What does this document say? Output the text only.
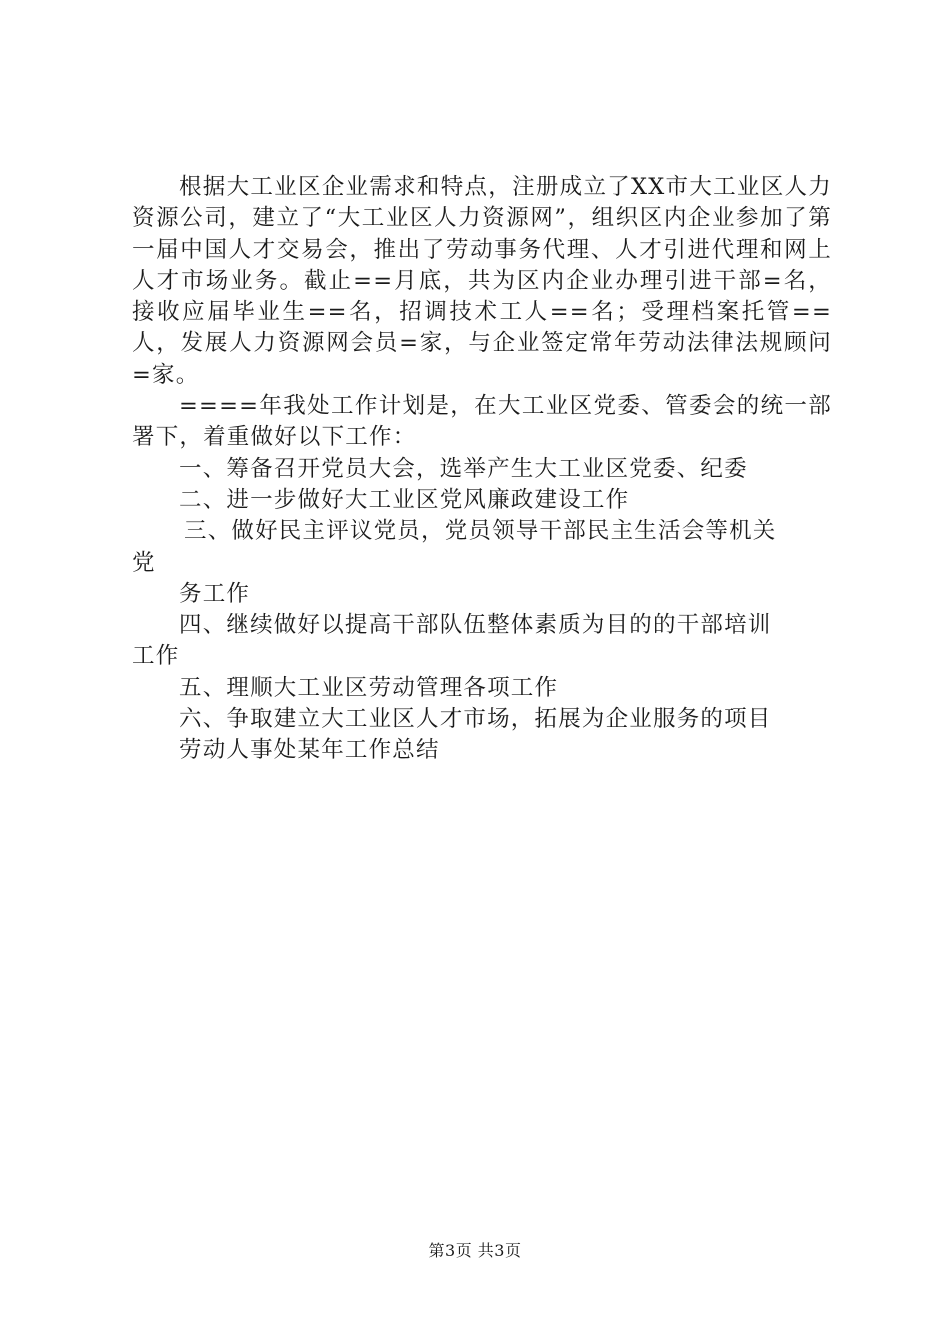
根据大工业区企业需求和特点，注册成立了XX市大工业区人力资源公司，建立了“大工业区人力资源网”，组织区内企业参加了第一届中国人才交易会，推出了劳动事务代理、人才引进代理和网上人才市场业务。截止==月底，共为区内企业办理引进干部=名，接收应届毕业生==名，招调技术工人==名；受理档案托管==人，发展人力资源网会员=家，与企业签定常年劳动法律法规顾问=家。

====年我处工作计划是，在大工业区党委、管委会的统一部署下，着重做好以下工作：

一、筹备召开党员大会，选举产生大工业区党委、纪委

二、进一步做好大工业区党风廉政建设工作

三、做好民主评议党员，党员领导干部民主生活会等机关

党

务工作

四、继续做好以提高干部队伍整体素质为目的的干部培训

工作

五、理顺大工业区劳动管理各项工作

六、争取建立大工业区人才市场，拓展为企业服务的项目

劳动人事处某年工作总结

第3页 共3页
